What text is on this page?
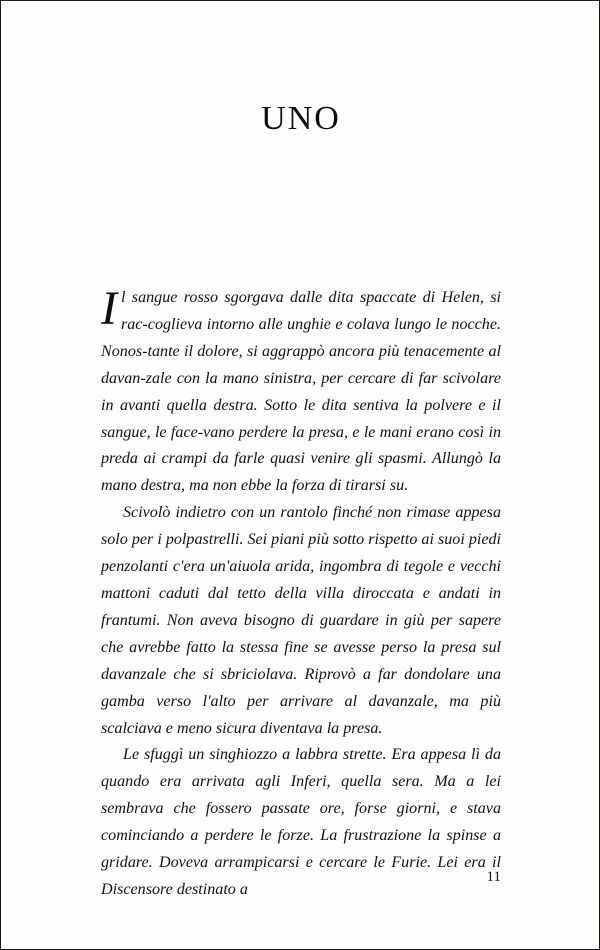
UNO

Il sangue rosso sgorgava dalle dita spaccate di Helen, si rac-coglieva intorno alle unghie e colava lungo le nocche. Nonos-tante il dolore, si aggrappò ancora più tenacemente al davan-zale con la mano sinistra, per cercare di far scivolare in avanti quella destra. Sotto le dita sentiva la polvere e il sangue, le face-vano perdere la presa, e le mani erano così in preda ai crampi da farle quasi venire gli spasmi. Allungò la mano destra, ma non ebbe la forza di tirarsi su.

Scivolò indietro con un rantolo finché non rimase appesa solo per i polpastrelli. Sei piani più sotto rispetto ai suoi piedi penzolanti c'era un'aiuola arida, ingombra di tegole e vecchi mattoni caduti dal tetto della villa diroccata e andati in frantumi. Non aveva bisogno di guardare in giù per sapere che avrebbe fatto la stessa fine se avesse perso la presa sul davanzale che si sbriciolava. Riprovò a far dondolare una gamba verso l'alto per arrivare al davanzale, ma più scalciava e meno sicura diventava la presa.

Le sfuggì un singhiozzo a labbra strette. Era appesa lì da quando era arrivata agli Inferi, quella sera. Ma a lei sembrava che fossero passate ore, forse giorni, e stava cominciando a perdere le forze. La frustrazione la spinse a gridare. Doveva arrampicarsi e cercare le Furie. Lei era il Discensore destinato a

11
